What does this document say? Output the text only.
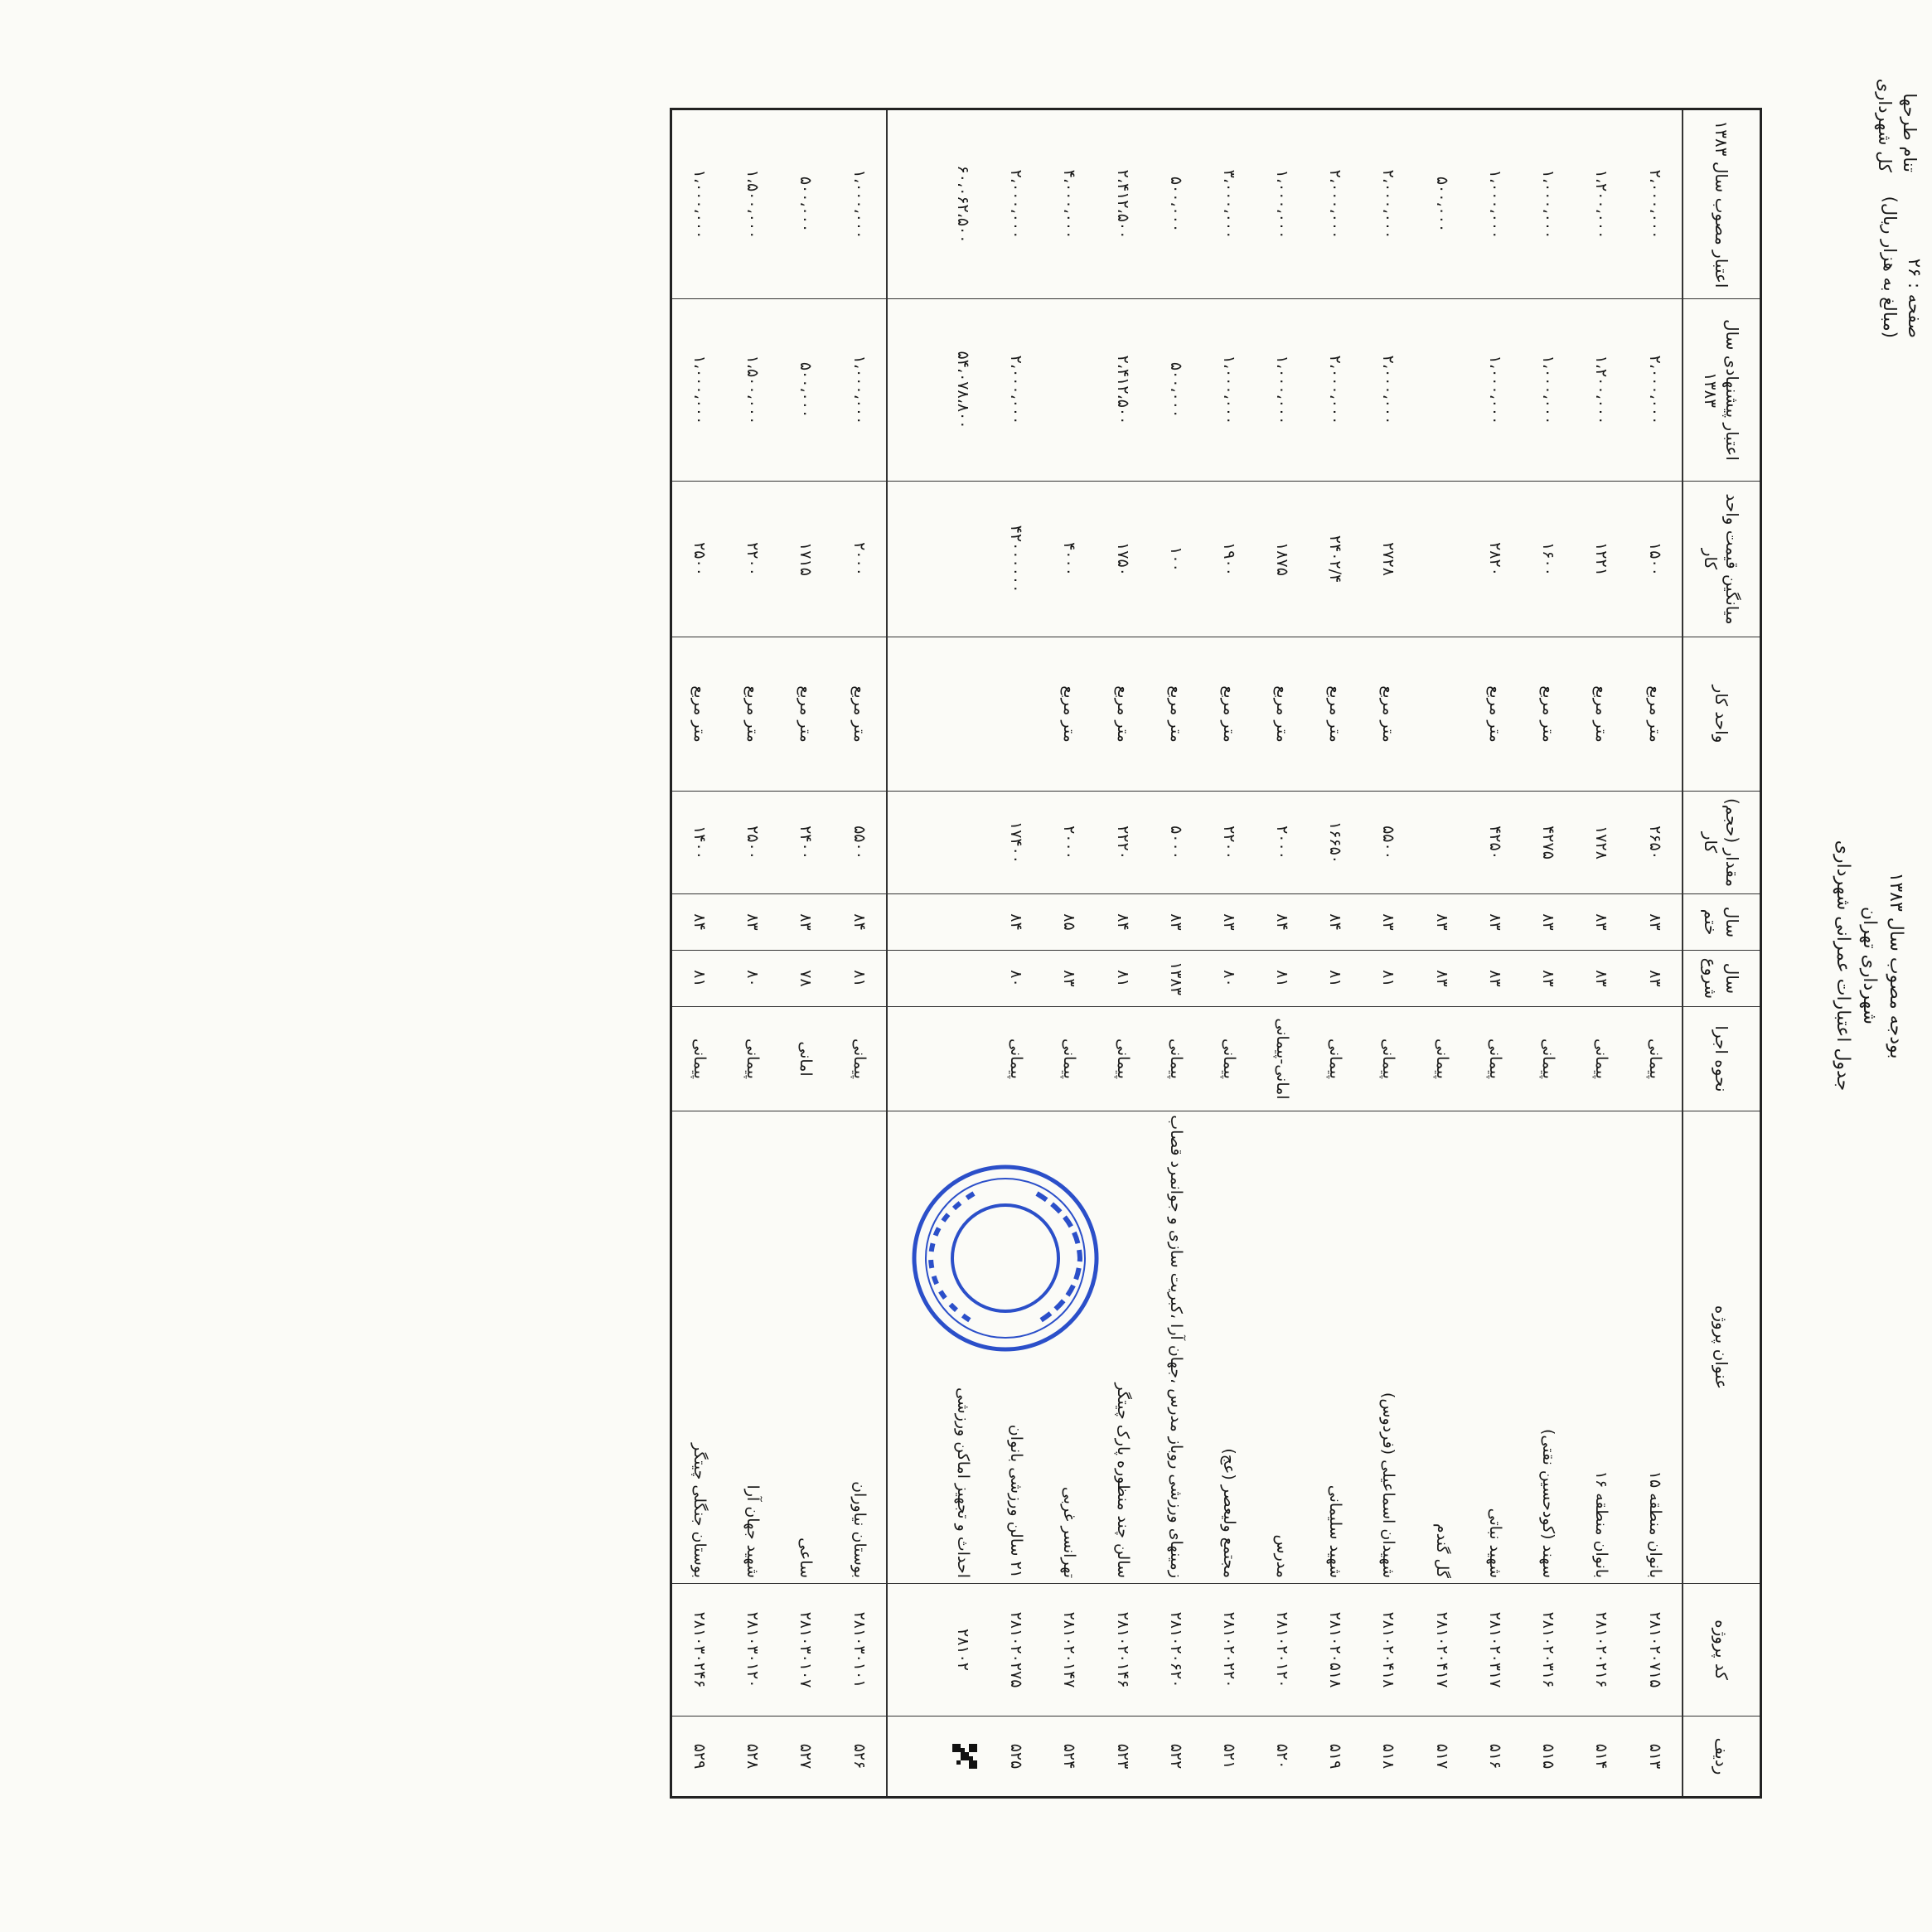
تنام طرحها
کل شهرداری
بودجه مصوب سال ۱۳۸۳
شهرداری تهران
جدول اعتبارات عمرانی شهرداری
صفحه : ۲۶
(مبالغ به هزار ریال)
ردیف	کد پروژه	عنوان پروژه	نحوه اجرا	سال شروع	سال ختم	مقدار (حجم) کار	واحد کار	میانگین قیمت واحد کار	اعتبار پیشنهادی سال ۱۳۸۳	اعتبار مصوب سال ۱۳۸۳
۵۱۳	۲۸۱۰۲۰۷۱۵	بانوان منطقه ۱۵	پیمانی	۸۳	۸۳	۲۶۵۰	متر مربع	۱۵۰۰	۲،۰۰۰،۰۰۰	۲،۰۰۰،۰۰۰
۵۱۴	۲۸۱۰۲۰۲۱۶	بانوان منطقه ۱۶	پیمانی	۸۳	۸۳	۱۷۲۸	متر مربع	۱۲۲۱	۱،۲۰۰،۰۰۰	۱،۲۰۰،۰۰۰
۵۱۵	۲۸۱۰۲۰۳۱۶	سهند (کودحسین نقتی)	پیمانی	۸۳	۸۳	۴۲۷۵	متر مربع	۱۶۰۰	۱،۰۰۰،۰۰۰	۱،۰۰۰،۰۰۰
۵۱۶	۲۸۱۰۲۰۳۱۷	شهید نباتی	پیمانی	۸۳	۸۳	۴۲۵۰	متر مربع	۲۸۲۰	۱،۰۰۰،۰۰۰	۱،۰۰۰،۰۰۰
۵۱۷	۲۸۱۰۲۰۴۱۷	گل گندم	پیمانی	۸۳	۸۳					۵۰۰،۰۰۰
۵۱۸	۲۸۱۰۲۰۴۱۸	شهیدان اسماعیلی (فردوس)	پیمانی	۸۱	۸۳	۵۵۰۰	متر مربع	۲۷۲۸	۲،۰۰۰،۰۰۰	۲،۰۰۰،۰۰۰
۵۱۹	۲۸۱۰۲۰۵۱۸	شهید سلیمانی	پیمانی	۸۱	۸۴	۱۶۶۵۰	متر مربع	۲۴۰۲/۴	۲،۰۰۰،۰۰۰	۲،۰۰۰،۰۰۰
۵۲۰	۲۸۱۰۲۰۱۲۰	مدرس	امانی-پیمانی	۸۱	۸۴	۲۰۰۰	متر مربع	۱۸۷۵	۱،۰۰۰،۰۰۰	۱،۰۰۰،۰۰۰
۵۲۱	۲۸۱۰۲۰۲۲۰	مجتمع ولیعصر (عج)	پیمانی	۸۰	۸۳	۲۲۰۰	متر مربع	۱۹۰۰	۱،۰۰۰،۰۰۰	۳،۰۰۰،۰۰۰
۵۲۲	۲۸۱۰۲۰۶۲۰	زمینهای ورزشی روباز مدرس ،جهان آرا ،کبریت سازی و جوانمرد قصاب	پیمانی	۱۳۸۳	۸۳	۵۰۰۰	متر مربع	۱۰۰	۵۰۰،۰۰۰	۵۰۰،۰۰۰
۵۲۳	۲۸۱۰۲۰۱۴۶	سالن چند منظوره پارک چیتگر	پیمانی	۸۱	۸۴	۲۲۲۰	متر مربع	۱۷۵۰	۲،۴۱۲،۵۰۰	۲،۴۱۲،۵۰۰
۵۲۴	۲۸۱۰۲۰۱۴۷	تهرانسر غربی	پیمانی	۸۳	۸۵	۲۰۰۰	متر مربع	۴۰۰۰		۴،۰۰۰،۰۰۰
۵۲۵	۲۸۱۰۲۰۲۷۵	۲۱ سالن ورزشی بانوان	پیمانی	۸۰	۸۴	۱۷۴۰۰		۴۲۰۰۰۰۰۰	۲،۰۰۰،۰۰۰	۲،۰۰۰،۰۰۰
	۲۸۱۰۲	احداث و تجهیز اماکن ورزشی							۵۴،۰۷۸،۸۰۰	۶۰،۰۶۲،۵۰۰

۵۲۶	۲۸۱۰۳۰۱۰۱	بوستان نیاوران	پیمانی	۸۱	۸۴	۵۵۰۰	متر مربع	۲۰۰۰	۱،۰۰۰،۰۰۰	۱،۰۰۰،۰۰۰
۵۲۷	۲۸۱۰۳۰۱۰۷	ساعی	امانی	۷۸	۸۳	۲۴۰۰	متر مربع	۱۷۱۵	۵۰۰،۰۰۰	۵۰۰،۰۰۰
۵۲۸	۲۸۱۰۳۰۱۲۰	شهید جهان آرا	پیمانی	۸۰	۸۳	۲۵۰۰	متر مربع	۲۲۰۰	۱،۵۰۰،۰۰۰	۱،۵۰۰،۰۰۰
۵۲۹	۲۸۱۰۳۰۲۴۶	بوستان جنگلی چیتگر	پیمانی	۸۱	۸۴	۱۴۰۰	متر مربع	۲۵۰۰	۱،۰۰۰،۰۰۰	۱،۰۰۰،۰۰۰
